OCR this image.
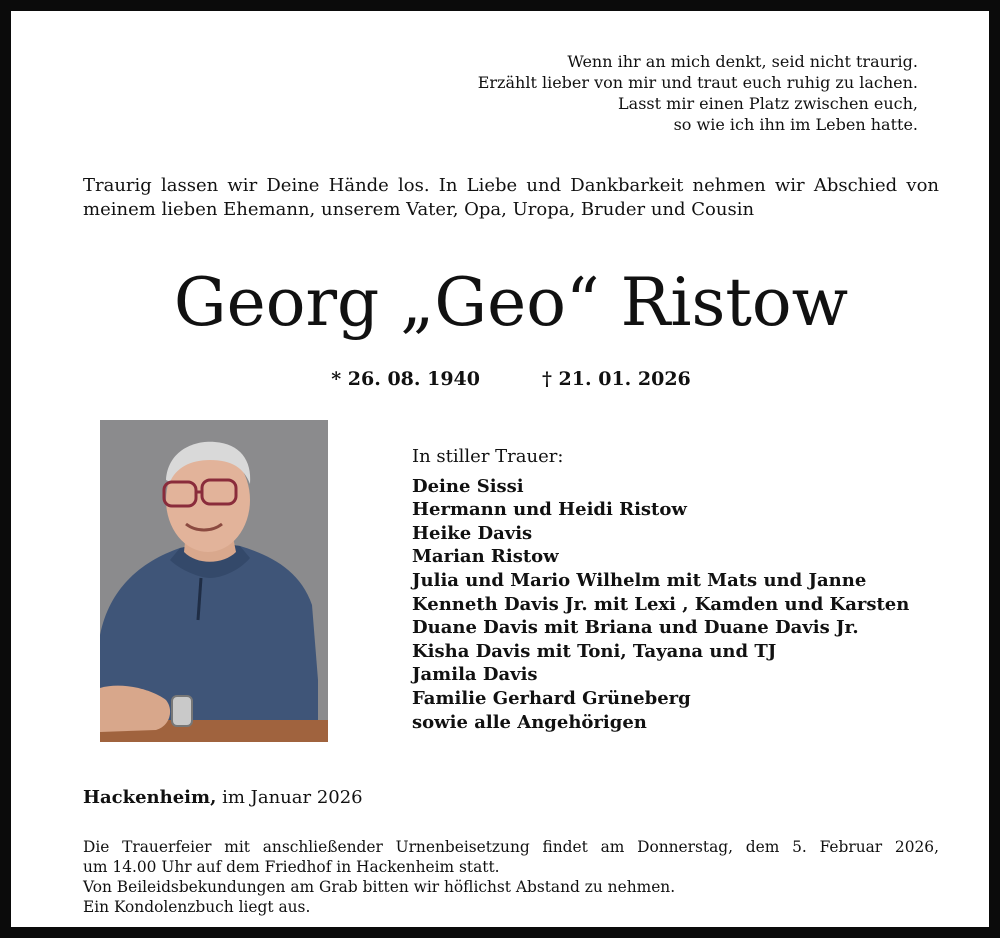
Wenn ihr an mich denkt, seid nicht traurig.
Erzählt lieber von mir und traut euch ruhig zu lachen.
Lasst mir einen Platz zwischen euch,
so wie ich ihn im Leben hatte.
Traurig lassen wir Deine Hände los. In Liebe und Dankbarkeit nehmen wir Abschied von meinem lieben Ehemann, unserem Vater, Opa, Uropa, Bruder und Cousin
Georg „Geo“ Ristow
* 26. 08. 1940	† 21. 01. 2026
In stiller Trauer:
Deine Sissi
Hermann und Heidi Ristow
Heike Davis
Marian Ristow
Julia und Mario Wilhelm mit Mats und Janne
Kenneth Davis Jr. mit Lexi , Kamden und Karsten
Duane Davis mit Briana und Duane Davis Jr.
Kisha Davis mit Toni, Tayana und TJ
Jamila Davis
Familie Gerhard Grüneberg
sowie alle Angehörigen
Hackenheim, im Januar 2026
Die Trauerfeier mit anschließender Urnenbeisetzung findet am Donnerstag, dem 5. Februar 2026,
um 14.00 Uhr auf dem Friedhof in Hackenheim statt.
Von Beileidsbekundungen am Grab bitten wir höflichst Abstand zu nehmen.
Ein Kondolenzbuch liegt aus.
